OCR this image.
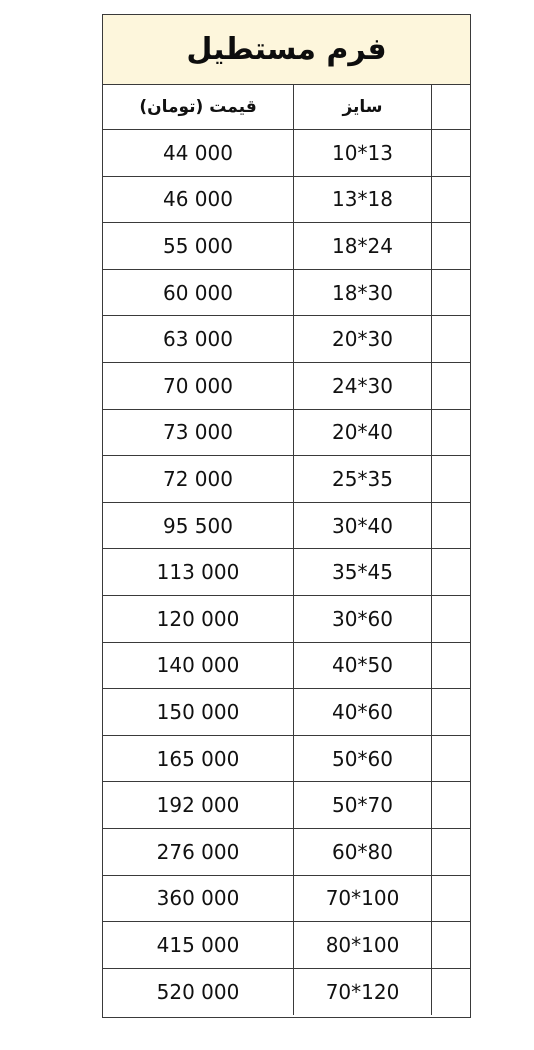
فرم مستطیل
قیمت (تومان)	سایز
44 000	10*13
46 000	13*18
55 000	18*24
60 000	18*30
63 000	20*30
70 000	24*30
73 000	20*40
72 000	25*35
95 500	30*40
113 000	35*45
120 000	30*60
140 000	40*50
150 000	40*60
165 000	50*60
192 000	50*70
276 000	60*80
360 000	70*100
415 000	80*100
520 000	70*120
